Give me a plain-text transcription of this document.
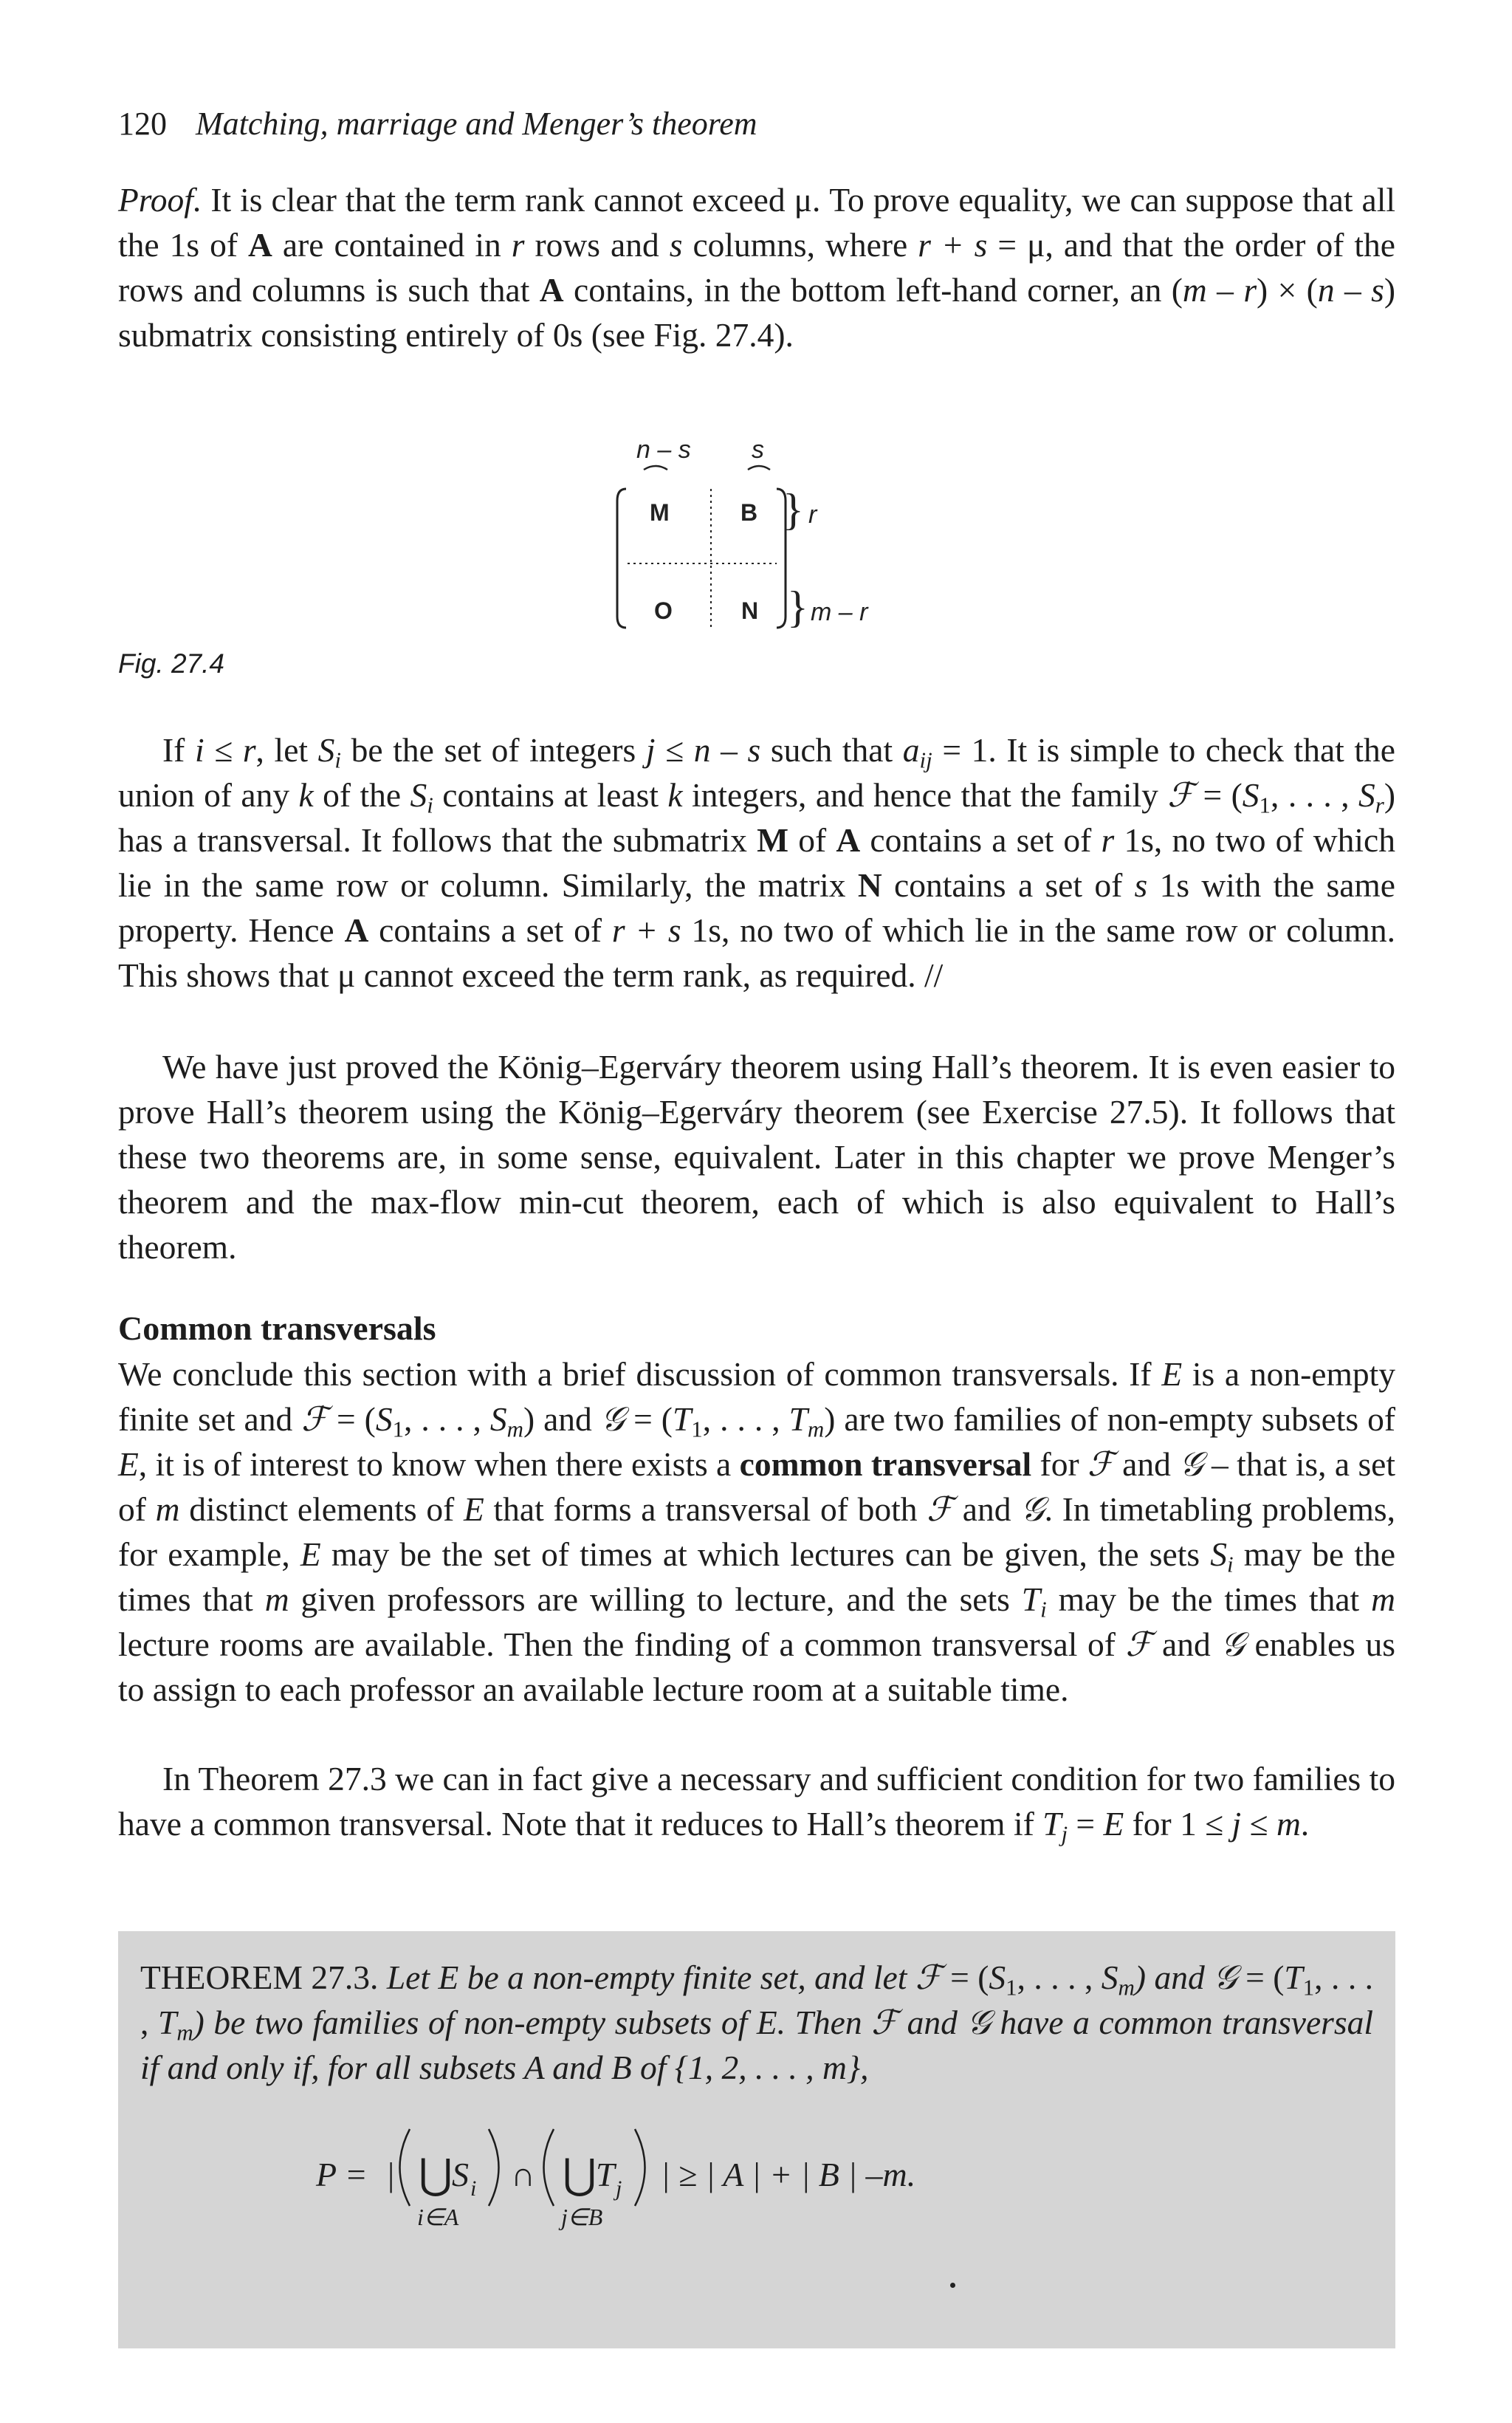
120 Matching, marriage and Menger’s theorem

Proof. It is clear that the term rank cannot exceed μ. To prove equality, we can suppose that all the 1s of A are contained in r rows and s columns, where r + s = μ, and that the order of the rows and columns is such that A contains, in the bottom left-hand corner, an (m – r) × (n – s) submatrix consisting entirely of 0s (see Fig. 27.4).

n – s s
M	B
O	N
} r
} m – r
Fig. 27.4

If i ≤ r, let $S_i$ be the set of integers j ≤ n – s such that $a_{ij} = 1$. It is simple to check that the union of any k of the $S_i$ contains at least k integers, and hence that the family ℱ = ($S_1$, . . . , $S_r$) has a transversal. It follows that the submatrix M of A contains a set of r 1s, no two of which lie in the same row or column. Similarly, the matrix N contains a set of s 1s with the same property. Hence A contains a set of r + s 1s, no two of which lie in the same row or column. This shows that μ cannot exceed the term rank, as required. //

We have just proved the König–Egerváry theorem using Hall’s theorem. It is even easier to prove Hall’s theorem using the König–Egerváry theorem (see Exercise 27.5). It follows that these two theorems are, in some sense, equivalent. Later in this chapter we prove Menger’s theorem and the max-flow min-cut theorem, each of which is also equivalent to Hall’s theorem.

Common transversals

We conclude this section with a brief discussion of common transversals. If E is a non-empty finite set and ℱ = ($S_1$, . . . , $S_m$) and 𝒢 = ($T_1$, . . . , $T_m$) are two families of non-empty subsets of E, it is of interest to know when there exists a common transversal for ℱ and 𝒢 – that is, a set of m distinct elements of E that forms a transversal of both ℱ and 𝒢. In timetabling problems, for example, E may be the set of times at which lectures can be given, the sets $S_i$ may be the times that m given professors are willing to lecture, and the sets $T_i$ may be the times that m lecture rooms are available. Then the finding of a common transversal of ℱ and 𝒢 enables us to assign to each professor an available lecture room at a suitable time.

In Theorem 27.3 we can in fact give a necessary and sufficient condition for two families to have a common transversal. Note that it reduces to Hall’s theorem if $T_j = E$ for 1 ≤ j ≤ m.

THEOREM 27.3. Let E be a non-empty finite set, and let ℱ = ($S_1$, . . . , $S_m$) and 𝒢 = ($T_1$, . . . , $T_m$) be two families of non-empty subsets of E. Then ℱ and 𝒢 have a common transversal if and only if, for all subsets A and B of {1, 2, . . . , m},

P = | ⋃ S i
i∈A
∩ ⋃ T j
j∈B
| ≥ | A | + | B | –m.
